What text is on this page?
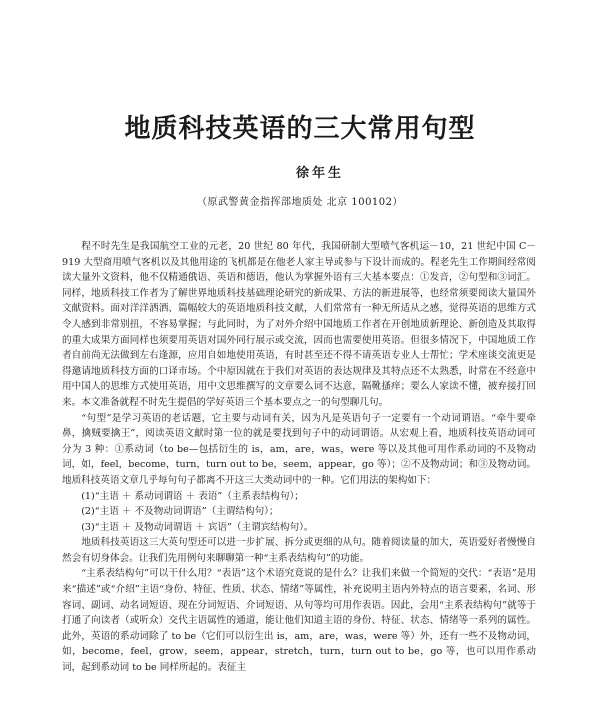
地质科技英语的三大常用句型
徐年生
（原武警黄金指挥部地质处 北京 100102）

程不时先生是我国航空工业的元老，20 世纪 80 年代，我国研制大型喷气客机运－10，21 世纪中国 C－919 大型商用喷气客机以及其他用途的飞机都是在他老人家主导或参与下设计而成的。程老先生工作期间经常阅读大量外文资料，他不仅精通俄语、英语和德语，他认为掌握外语有三大基本要点：①发音，②句型和③词汇。同样，地质科技工作者为了解世界地质科技基础理论研究的新成果、方法的新进展等，也经常须要阅读大量国外文献资料。面对洋洋洒洒、篇幅较大的英语地质科技文献，人们常常有一种无所适从之感，觉得英语的思维方式令人感到非常别扭，不容易掌握；与此同时，为了对外介绍中国地质工作者在开创地质新理论、新创造及其取得的重大成果方面同样也须要用英语对国外同行展示或交流，因而也需要使用英语。但很多情况下，中国地质工作者自前尚无法做到左右逢源，应用自如地使用英语，有时甚至还不得不请英语专业人士帮忙；学术座谈交流更是得邀请地质科技方面的口译市场。个中原因就在于我们对英语的表达规律及其特点还不太熟悉，时常在不经意中用中国人的思维方式使用英语，用中文思维撰写的文章要么词不达意，隔靴搔痒；要么人家读不懂，被弃接打回来。本文准备就程不时先生提倡的学好英语三个基本要点之一的句型聊几句。

“句型”是学习英语的老话题，它主要与动词有关，因为凡是英语句子一定要有一个动词谓语。“牵牛要牵鼻，擒贼要擒王”，阅读英语文献时第一位的就是要找到句子中的动词谓语。从宏观上看，地质科技英语动词可分为 3 种：①系动词（to be—包括衍生的 is，am，are，was，were 等以及其他可用作系动词的不及物动词，如，feel，become，turn，turn out to be，seem，appear，go 等）；②不及物动词；和③及物动词。地质科技英语文章几乎每句句子都离不开这三大类动词中的一种。它们用法的架构如下：

(1)“主语 ＋ 系动词谓语 ＋ 表语”（主系表结构句）；
(2)“主语 ＋ 不及物动词谓语”（主谓结构句）；
(3)“主语 ＋ 及物动词谓语 ＋ 宾语”（主谓宾结构句）。

地质科技英语这三大英句型还可以进一步扩展、拆分或更细的从句。随着阅读量的加大，英语爱好者慢慢自然会有切身体会。让我们先用例句来聊聊第一种“主系表结构句”的功能。

“主系表结构句”可以干什么用？“表语”这个术语究竟说的是什么？让我们来做一个简短的交代：“表语”是用来“描述”或“介绍”主语“身份、特征、性质、状态、情绪”等属性，补充说明主语内外特点的语言要素，名词、形容词、副词、动名词短语、现在分词短语、介词短语、从句等均可用作表语。因此，会用“主系表结构句”就等于打通了向读者（或听众）交代主语属性的通道，能让他们知道主语的身份、特征、状态、情绪等一系列的属性。此外，英语的系动词除了 to be（它们可以衍生出 is，am，are，was，were 等）外，还有一些不及物动词，如，become，feel，grow，seem，appear，stretch，turn，turn out to be，go 等，也可以用作系动词，起到系动词 to be 同样所起的。表征主
